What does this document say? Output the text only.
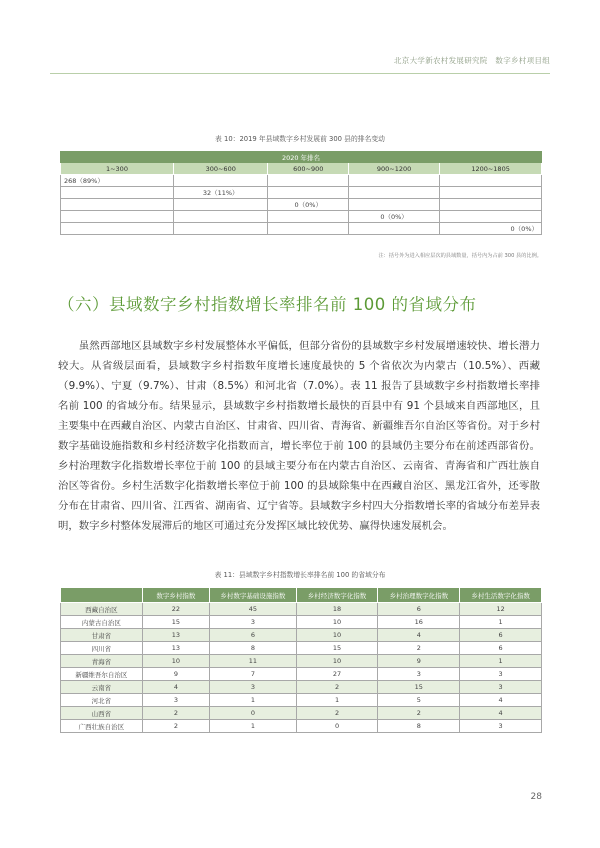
北京大学新农村发展研究院　数字乡村项目组
表 10：2019 年县域数字乡村发展前 300 县的排名变动
2020 年排名				
1~300	300~600	600~900	900~1200	1200~1805
268（89%）				
	32（11%）			
		0（0%）		
			0（0%）	
				0（0%）
注：括号外为进入相应层次的县域数量，括号内为占前 300 县的比例。
（六）县域数字乡村指数增长率排名前 100 的省域分布
虽然西部地区县域数字乡村发展整体水平偏低，但部分省份的县域数字乡村发展增速较快、增长潜力较大。从省级层面看，县域数字乡村指数年度增长速度最快的 5 个省依次为内蒙古（10.5%）、西藏（9.9%）、宁夏（9.7%）、甘肃（8.5%）和河北省（7.0%）。表 11 报告了县域数字乡村指数增长率排名前 100 的省域分布。结果显示，县域数字乡村指数增长最快的百县中有 91 个县域来自西部地区，且主要集中在西藏自治区、内蒙古自治区、甘肃省、四川省、青海省、新疆维吾尔自治区等省份。对于乡村数字基础设施指数和乡村经济数字化指数而言，增长率位于前 100 的县域仍主要分布在前述西部省份。乡村治理数字化指数增长率位于前 100 的县域主要分布在内蒙古自治区、云南省、青海省和广西壮族自治区等省份。乡村生活数字化指数增长率位于前 100 的县域除集中在西藏自治区、黑龙江省外，还零散分布在甘肃省、四川省、江西省、湖南省、辽宁省等。县域数字乡村四大分指数增长率的省域分布差异表明，数字乡村整体发展滞后的地区可通过充分发挥区域比较优势、赢得快速发展机会。
表 11：县域数字乡村指数增长率排名前 100 的省域分布
	数字乡村指数	乡村数字基础设施指数	乡村经济数字化指数	乡村治理数字化指数	乡村生活数字化指数
西藏自治区	22	45	18	6	12
内蒙古自治区	15	3	10	16	1
甘肃省	13	6	10	4	6
四川省	13	8	15	2	6
青海省	10	11	10	9	1
新疆维吾尔自治区	9	7	27	3	3
云南省	4	3	2	15	3
河北省	3	1	1	5	4
山西省	2	0	2	2	4
广西壮族自治区	2	1	0	8	3
28
